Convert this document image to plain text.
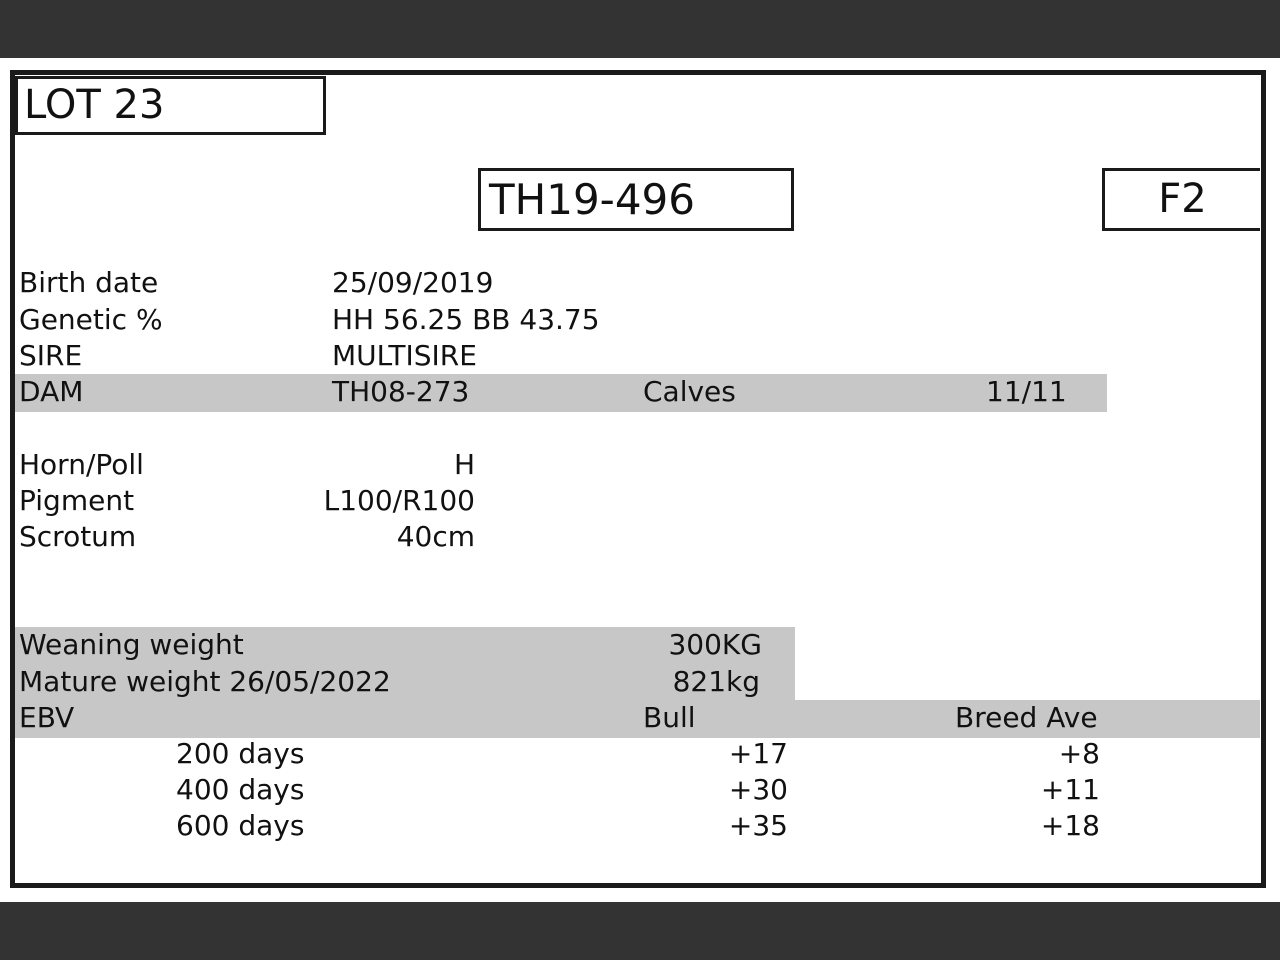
LOT 23
TH19-496	F2
Birth date	25/09/2019
Genetic %	HH 56.25 BB 43.75
SIRE	MULTISIRE
DAM	TH08-273	Calves	11/11
Horn/Poll	H
Pigment	L100/R100
Scrotum	40cm
Weaning weight	300KG
Mature weight 26/05/2022	821kg
EBV	Bull	Breed Ave
200 days	+17	+8
400 days	+30	+11
600 days	+35	+18
